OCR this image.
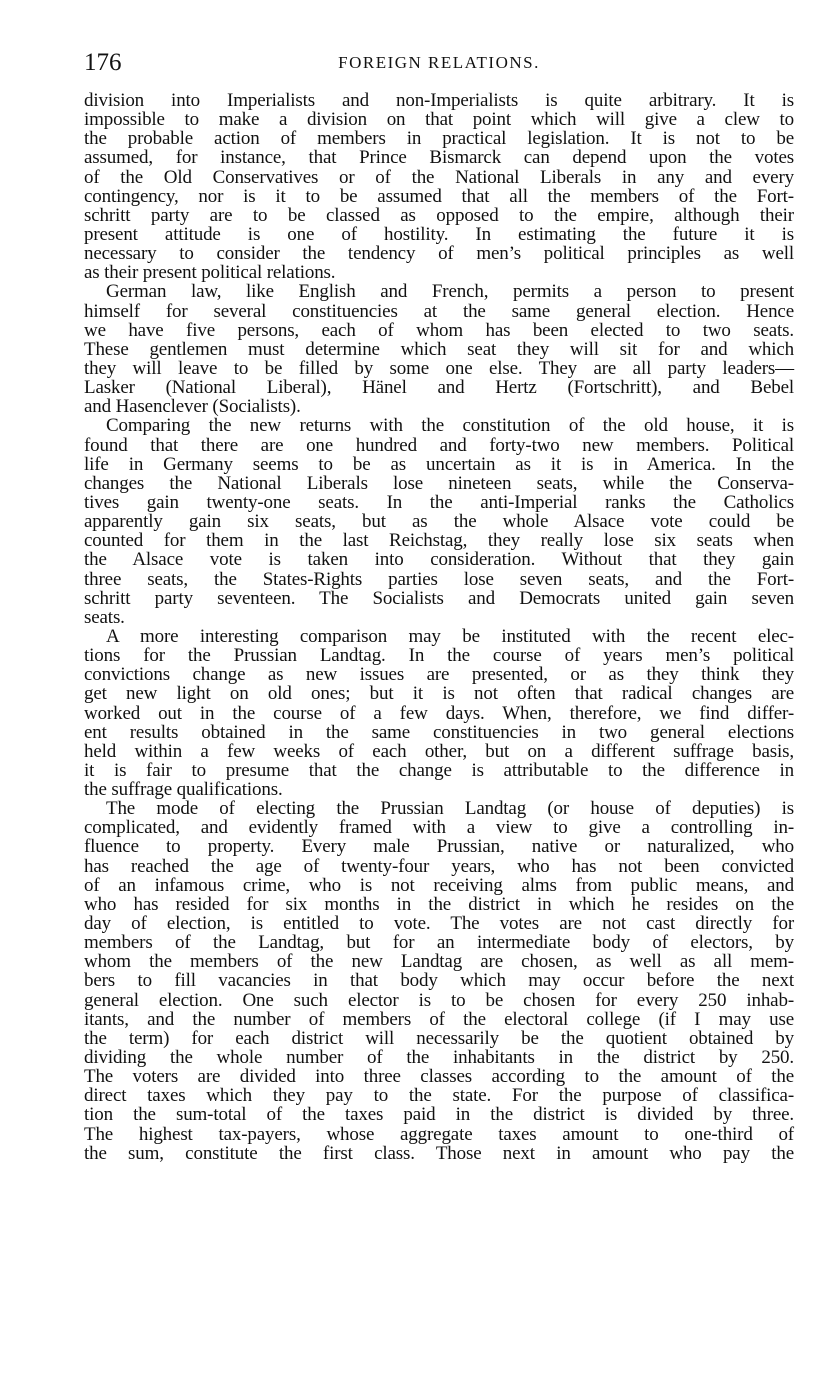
176	FOREIGN RELATIONS.
division into Imperialists and non-Imperialists is quite arbitrary. It is
impossible to make a division on that point which will give a clew to
the probable action of members in practical legislation. It is not to be
assumed, for instance, that Prince Bismarck can depend upon the votes
of the Old Conservatives or of the National Liberals in any and every
contingency, nor is it to be assumed that all the members of the Fort-
schritt party are to be classed as opposed to the empire, although their
present attitude is one of hostility. In estimating the future it is
necessary to consider the tendency of men’s political principles as well
as their present political relations.
German law, like English and French, permits a person to present
himself for several constituencies at the same general election. Hence
we have five persons, each of whom has been elected to two seats.
These gentlemen must determine which seat they will sit for and which
they will leave to be filled by some one else. They are all party leaders—
Lasker (National Liberal), Hänel and Hertz (Fortschritt), and Bebel
and Hasenclever (Socialists).
Comparing the new returns with the constitution of the old house, it is
found that there are one hundred and forty-two new members. Political
life in Germany seems to be as uncertain as it is in America. In the
changes the National Liberals lose nineteen seats, while the Conserva-
tives gain twenty-one seats. In the anti-Imperial ranks the Catholics
apparently gain six seats, but as the whole Alsace vote could be
counted for them in the last Reichstag, they really lose six seats when
the Alsace vote is taken into consideration. Without that they gain
three seats, the States-Rights parties lose seven seats, and the Fort-
schritt party seventeen. The Socialists and Democrats united gain seven
seats.
A more interesting comparison may be instituted with the recent elec-
tions for the Prussian Landtag. In the course of years men’s political
convictions change as new issues are presented, or as they think they
get new light on old ones; but it is not often that radical changes are
worked out in the course of a few days. When, therefore, we find differ-
ent results obtained in the same constituencies in two general elections
held within a few weeks of each other, but on a different suffrage basis,
it is fair to presume that the change is attributable to the difference in
the suffrage qualifications.
The mode of electing the Prussian Landtag (or house of deputies) is
complicated, and evidently framed with a view to give a controlling in-
fluence to property. Every male Prussian, native or naturalized, who
has reached the age of twenty-four years, who has not been convicted
of an infamous crime, who is not receiving alms from public means, and
who has resided for six months in the district in which he resides on the
day of election, is entitled to vote. The votes are not cast directly for
members of the Landtag, but for an intermediate body of electors, by
whom the members of the new Landtag are chosen, as well as all mem-
bers to fill vacancies in that body which may occur before the next
general election. One such elector is to be chosen for every 250 inhab-
itants, and the number of members of the electoral college (if I may use
the term) for each district will necessarily be the quotient obtained by
dividing the whole number of the inhabitants in the district by 250.
The voters are divided into three classes according to the amount of the
direct taxes which they pay to the state. For the purpose of classifica-
tion the sum-total of the taxes paid in the district is divided by three.
The highest tax-payers, whose aggregate taxes amount to one-third of
the sum, constitute the first class. Those next in amount who pay the
